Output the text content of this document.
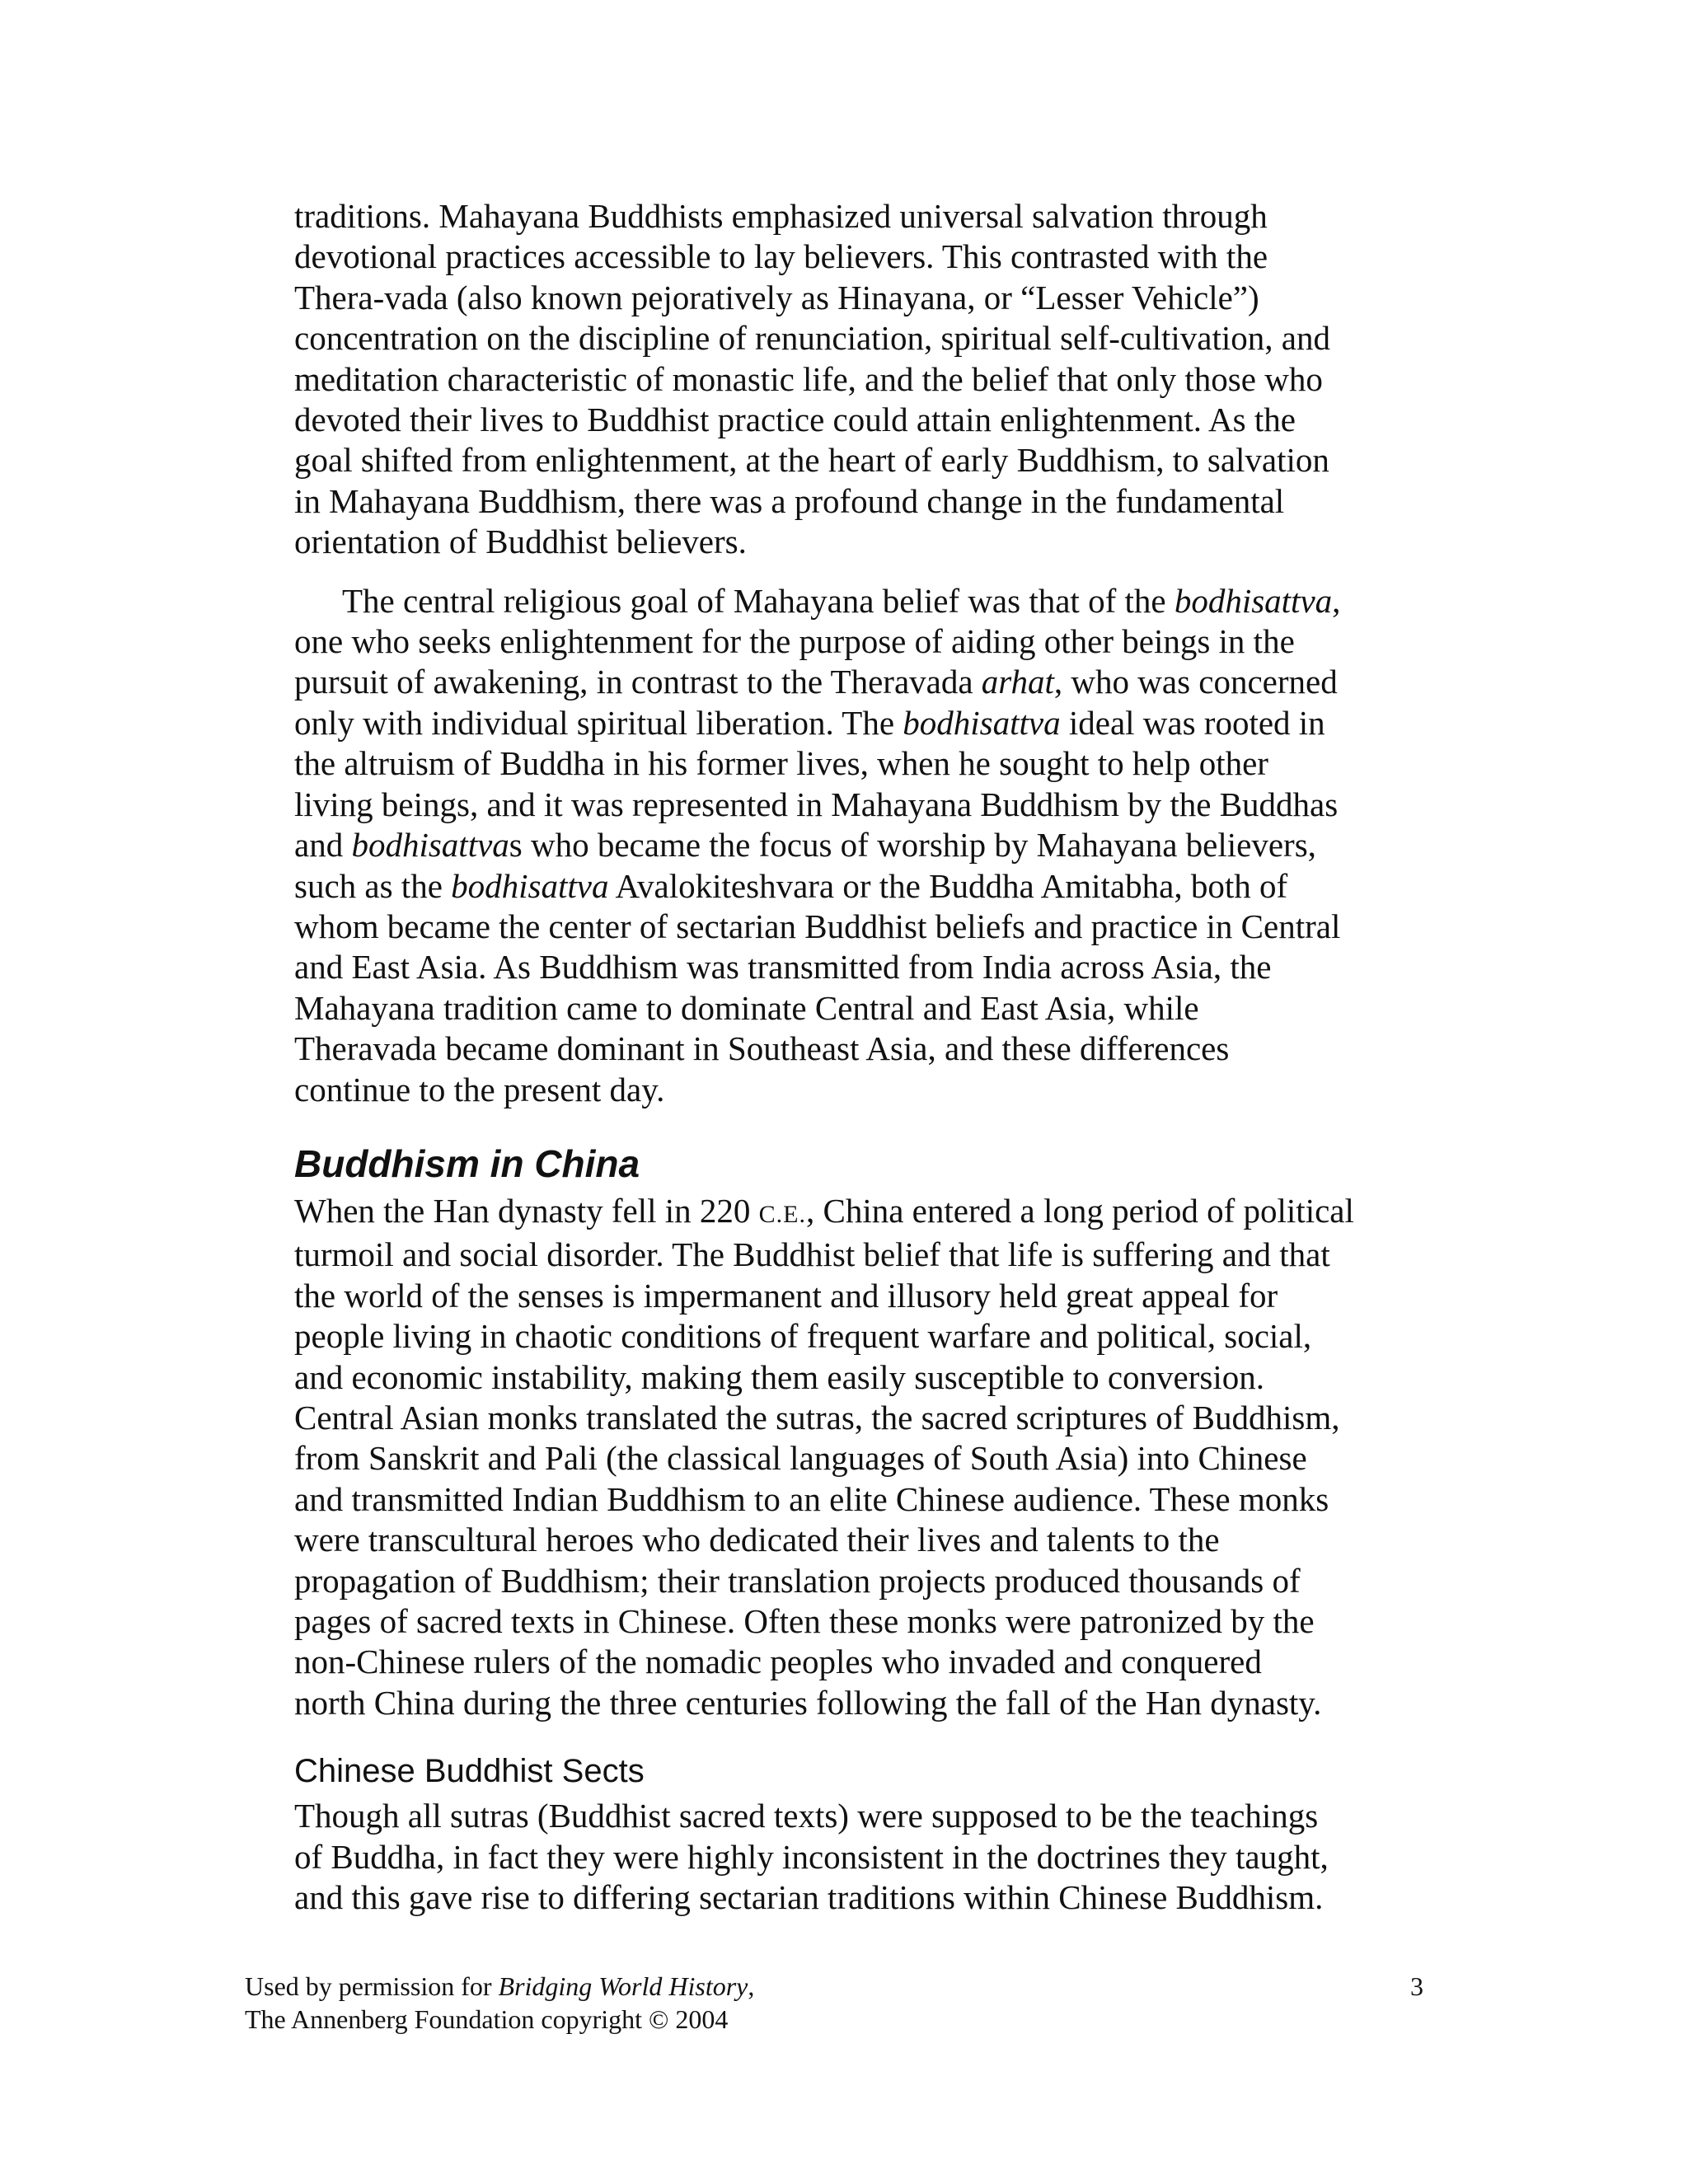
traditions. Mahayana Buddhists emphasized universal salvation through
devotional practices accessible to lay believers. This contrasted with the
Thera-vada (also known pejoratively as Hinayana, or “Lesser Vehicle”)
concentration on the discipline of renunciation, spiritual self-cultivation, and
meditation characteristic of monastic life, and the belief that only those who
devoted their lives to Buddhist practice could attain enlightenment. As the
goal shifted from enlightenment, at the heart of early Buddhism, to salvation
in Mahayana Buddhism, there was a profound change in the fundamental
orientation of Buddhist believers.

The central religious goal of Mahayana belief was that of the bodhisattva,
one who seeks enlightenment for the purpose of aiding other beings in the
pursuit of awakening, in contrast to the Theravada arhat, who was concerned
only with individual spiritual liberation. The bodhisattva ideal was rooted in
the altruism of Buddha in his former lives, when he sought to help other
living beings, and it was represented in Mahayana Buddhism by the Buddhas
and bodhisattvas who became the focus of worship by Mahayana believers,
such as the bodhisattva Avalokiteshvara or the Buddha Amitabha, both of
whom became the center of sectarian Buddhist beliefs and practice in Central
and East Asia. As Buddhism was transmitted from India across Asia, the
Mahayana tradition came to dominate Central and East Asia, while
Theravada became dominant in Southeast Asia, and these differences
continue to the present day.

Buddhism in China

When the Han dynasty fell in 220 C.E., China entered a long period of political
turmoil and social disorder. The Buddhist belief that life is suffering and that
the world of the senses is impermanent and illusory held great appeal for
people living in chaotic conditions of frequent warfare and political, social,
and economic instability, making them easily susceptible to conversion.
Central Asian monks translated the sutras, the sacred scriptures of Buddhism,
from Sanskrit and Pali (the classical languages of South Asia) into Chinese
and transmitted Indian Buddhism to an elite Chinese audience. These monks
were transcultural heroes who dedicated their lives and talents to the
propagation of Buddhism; their translation projects produced thousands of
pages of sacred texts in Chinese. Often these monks were patronized by the
non-Chinese rulers of the nomadic peoples who invaded and conquered
north China during the three centuries following the fall of the Han dynasty.

Chinese Buddhist Sects

Though all sutras (Buddhist sacred texts) were supposed to be the teachings
of Buddha, in fact they were highly inconsistent in the doctrines they taught,
and this gave rise to differing sectarian traditions within Chinese Buddhism.

Used by permission for Bridging World History,
The Annenberg Foundation copyright © 2004
3
